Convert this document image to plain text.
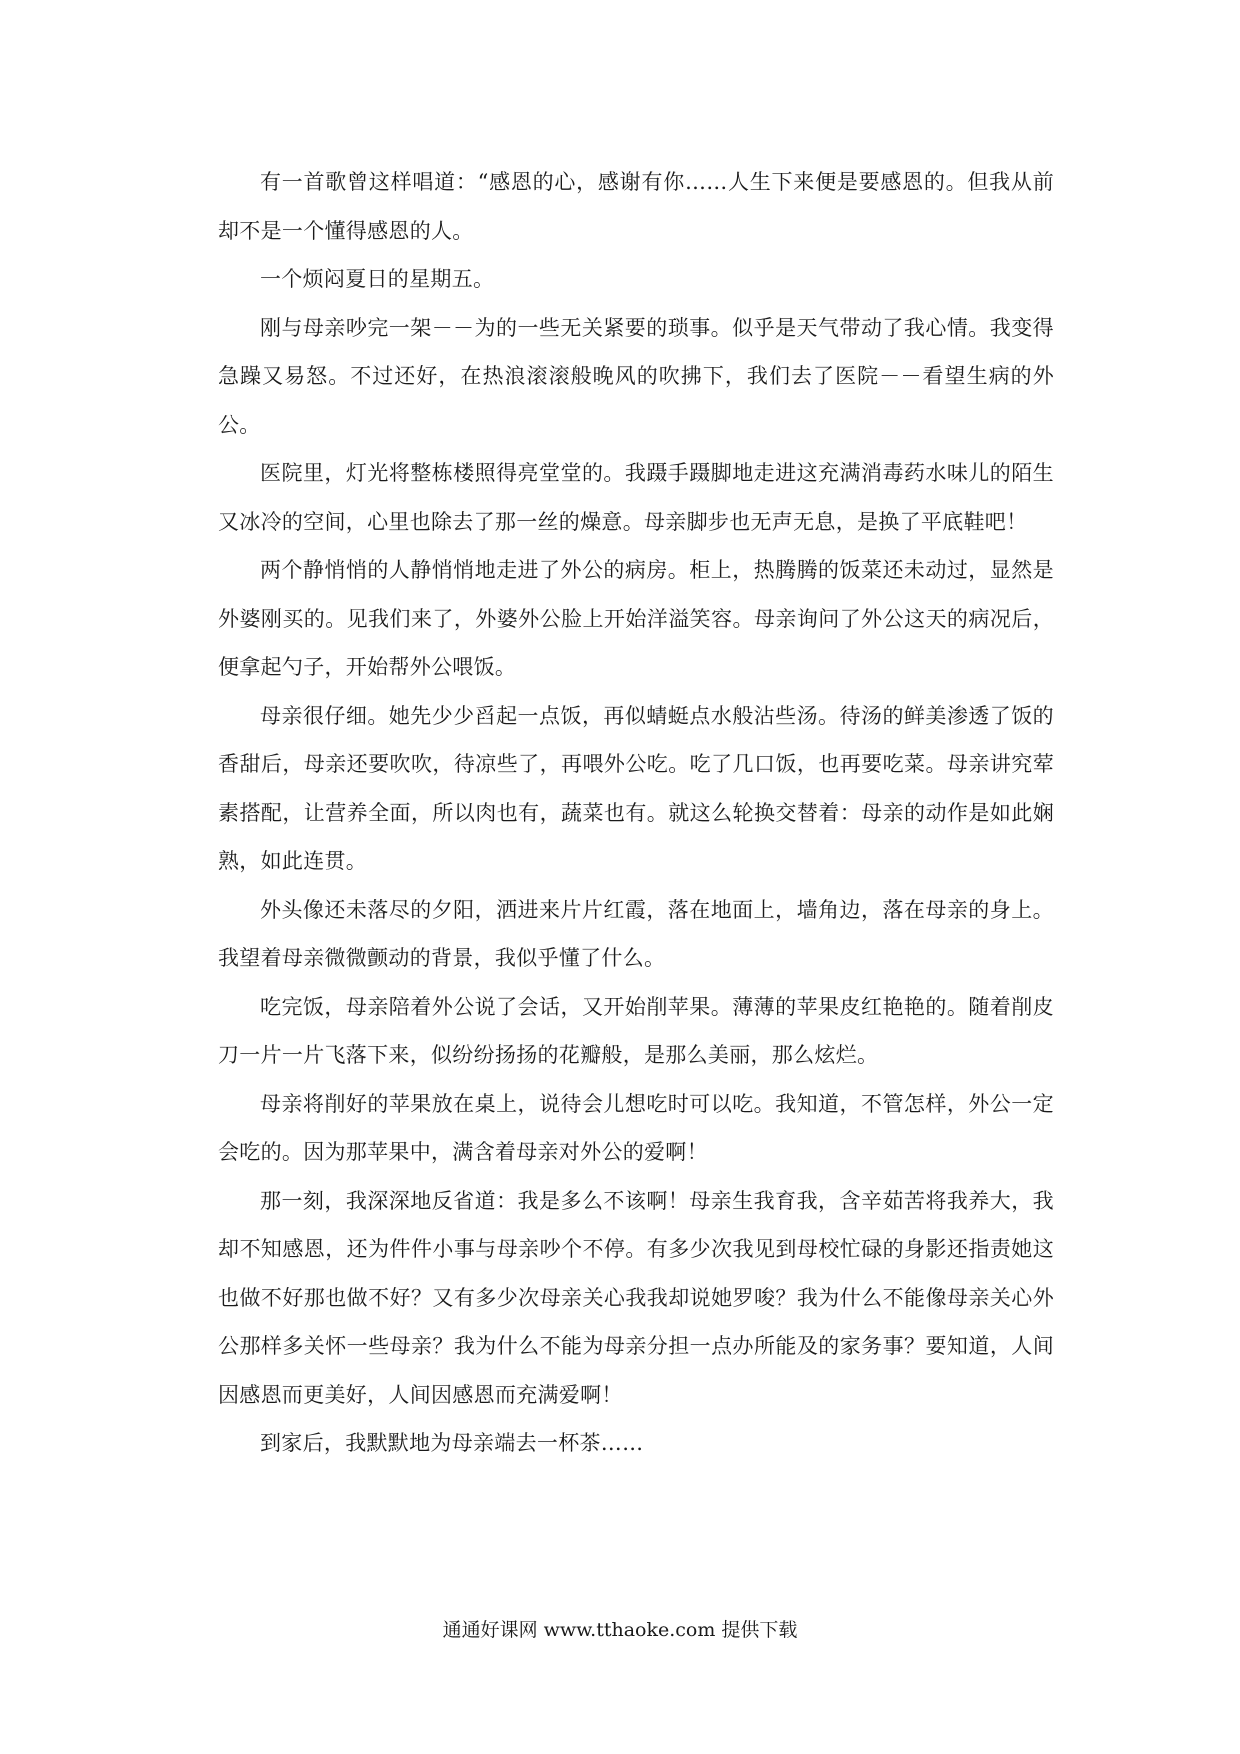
有一首歌曾这样唱道：“感恩的心，感谢有你……人生下来便是要感恩的。但我从前却不是一个懂得感恩的人。

一个烦闷夏日的星期五。

刚与母亲吵完一架－－为的一些无关紧要的琐事。似乎是天气带动了我心情。我变得急躁又易怒。不过还好，在热浪滚滚般晚风的吹拂下，我们去了医院－－看望生病的外公。

医院里，灯光将整栋楼照得亮堂堂的。我蹑手蹑脚地走进这充满消毒药水味儿的陌生又冰冷的空间，心里也除去了那一丝的燥意。母亲脚步也无声无息，是换了平底鞋吧！

两个静悄悄的人静悄悄地走进了外公的病房。柜上，热腾腾的饭菜还未动过，显然是外婆刚买的。见我们来了，外婆外公脸上开始洋溢笑容。母亲询问了外公这天的病况后，便拿起勺子，开始帮外公喂饭。

母亲很仔细。她先少少舀起一点饭，再似蜻蜓点水般沾些汤。待汤的鲜美渗透了饭的香甜后，母亲还要吹吹，待凉些了，再喂外公吃。吃了几口饭，也再要吃菜。母亲讲究荤素搭配，让营养全面，所以肉也有，蔬菜也有。就这么轮换交替着：母亲的动作是如此娴熟，如此连贯。

外头像还未落尽的夕阳，洒进来片片红霞，落在地面上，墙角边，落在母亲的身上。我望着母亲微微颤动的背景，我似乎懂了什么。

吃完饭，母亲陪着外公说了会话，又开始削苹果。薄薄的苹果皮红艳艳的。随着削皮刀一片一片飞落下来，似纷纷扬扬的花瓣般，是那么美丽，那么炫烂。

母亲将削好的苹果放在桌上，说待会儿想吃时可以吃。我知道，不管怎样，外公一定会吃的。因为那苹果中，满含着母亲对外公的爱啊！

那一刻，我深深地反省道：我是多么不该啊！母亲生我育我，含辛茹苦将我养大，我却不知感恩，还为件件小事与母亲吵个不停。有多少次我见到母校忙碌的身影还指责她这也做不好那也做不好？又有多少次母亲关心我我却说她罗唆？我为什么不能像母亲关心外公那样多关怀一些母亲？我为什么不能为母亲分担一点办所能及的家务事？要知道，人间因感恩而更美好，人间因感恩而充满爱啊！

到家后，我默默地为母亲端去一杯茶……

通通好课网 www.tthaoke.com 提供下载
